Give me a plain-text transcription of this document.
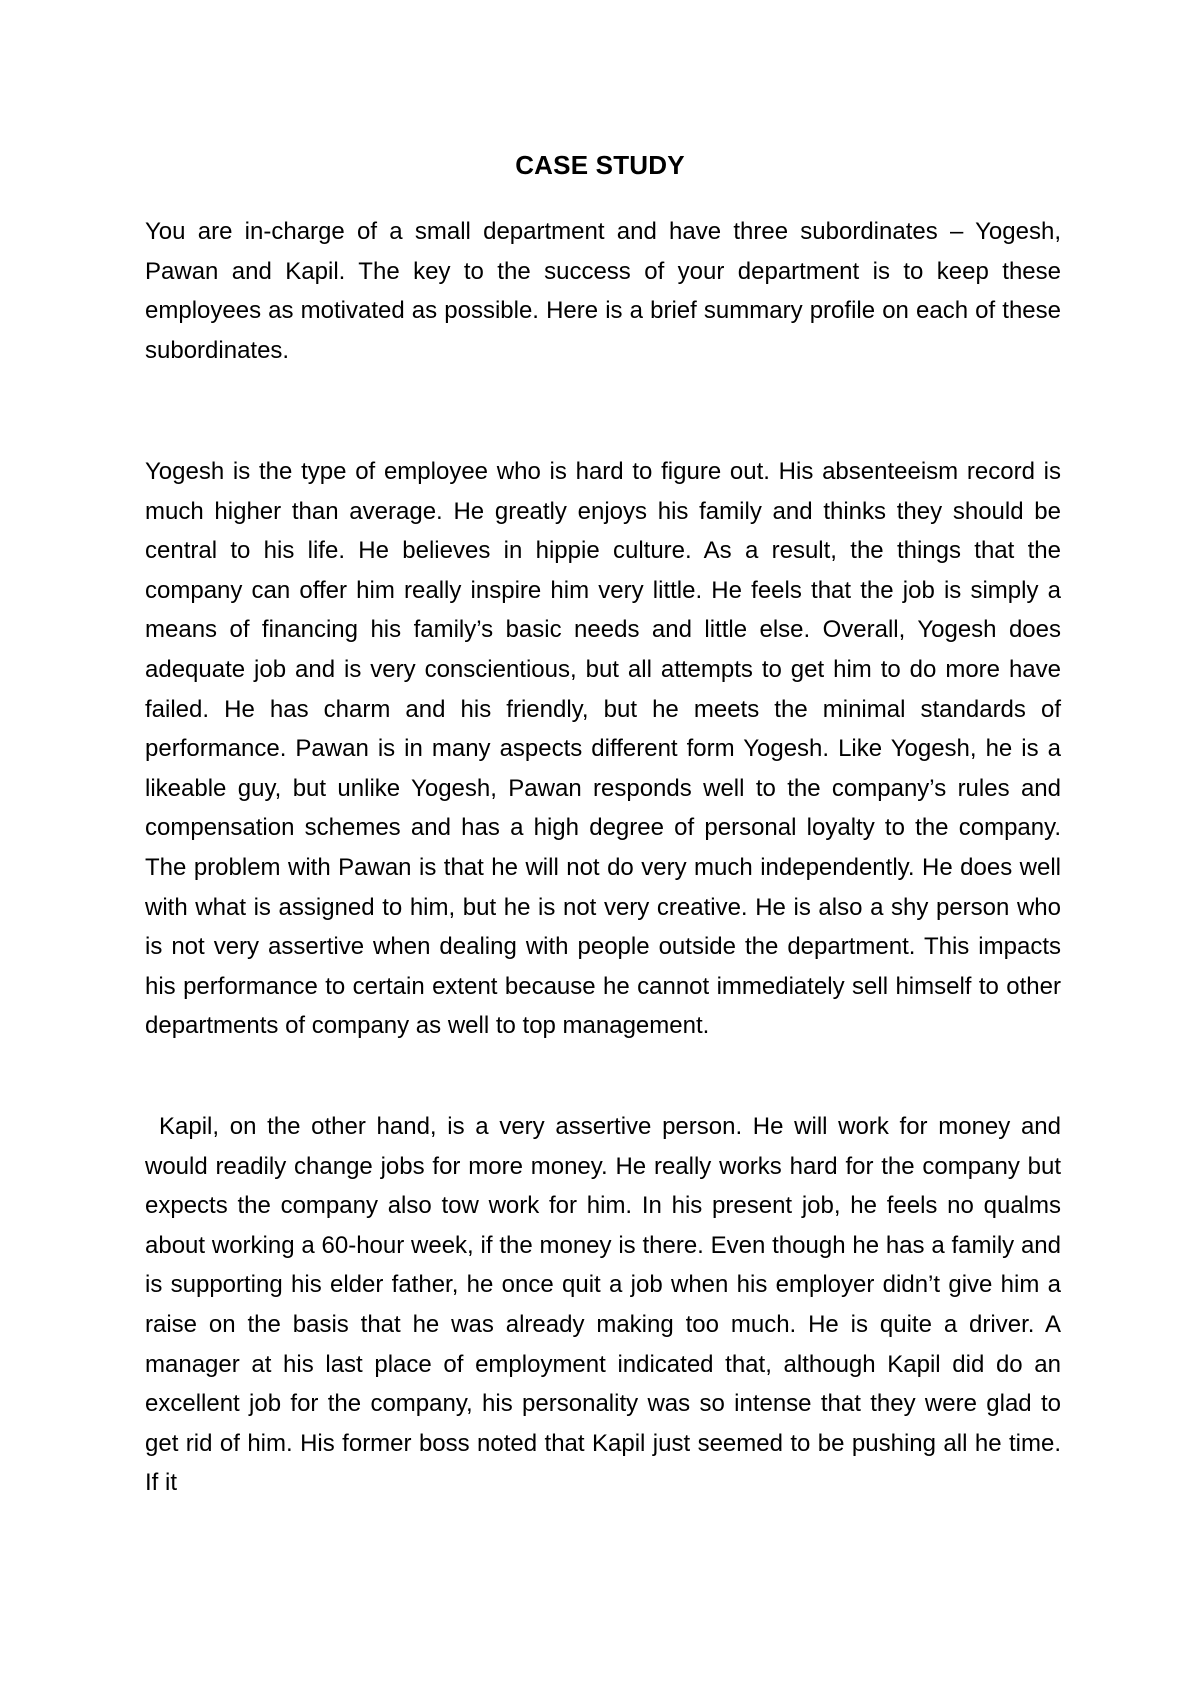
CASE STUDY

You are in-charge of a small department and have three subordinates – Yogesh, Pawan and Kapil. The key to the success of your department is to keep these employees as motivated as possible. Here is a brief summary profile on each of these subordinates.

Yogesh is the type of employee who is hard to figure out. His absenteeism record is much higher than average. He greatly enjoys his family and thinks they should be central to his life. He believes in hippie culture. As a result, the things that the company can offer him really inspire him very little. He feels that the job is simply a means of financing his family’s basic needs and little else. Overall, Yogesh does adequate job and is very conscientious, but all attempts to get him to do more have failed. He has charm and his friendly, but he meets the minimal standards of performance. Pawan is in many aspects different form Yogesh. Like Yogesh, he is a likeable guy, but unlike Yogesh, Pawan responds well to the company’s rules and compensation schemes and has a high degree of personal loyalty to the company. The problem with Pawan is that he will not do very much independently. He does well with what is assigned to him, but he is not very creative. He is also a shy person who is not very assertive when dealing with people outside the department. This impacts his performance to certain extent because he cannot immediately sell himself to other departments of company as well to top management.

Kapil, on the other hand, is a very assertive person. He will work for money and would readily change jobs for more money. He really works hard for the company but expects the company also tow work for him. In his present job, he feels no qualms about working a 60-hour week, if the money is there. Even though he has a family and is supporting his elder father, he once quit a job when his employer didn’t give him a raise on the basis that he was already making too much. He is quite a driver. A manager at his last place of employment indicated that, although Kapil did do an excellent job for the company, his personality was so intense that they were glad to get rid of him. His former boss noted that Kapil just seemed to be pushing all he time. If it
